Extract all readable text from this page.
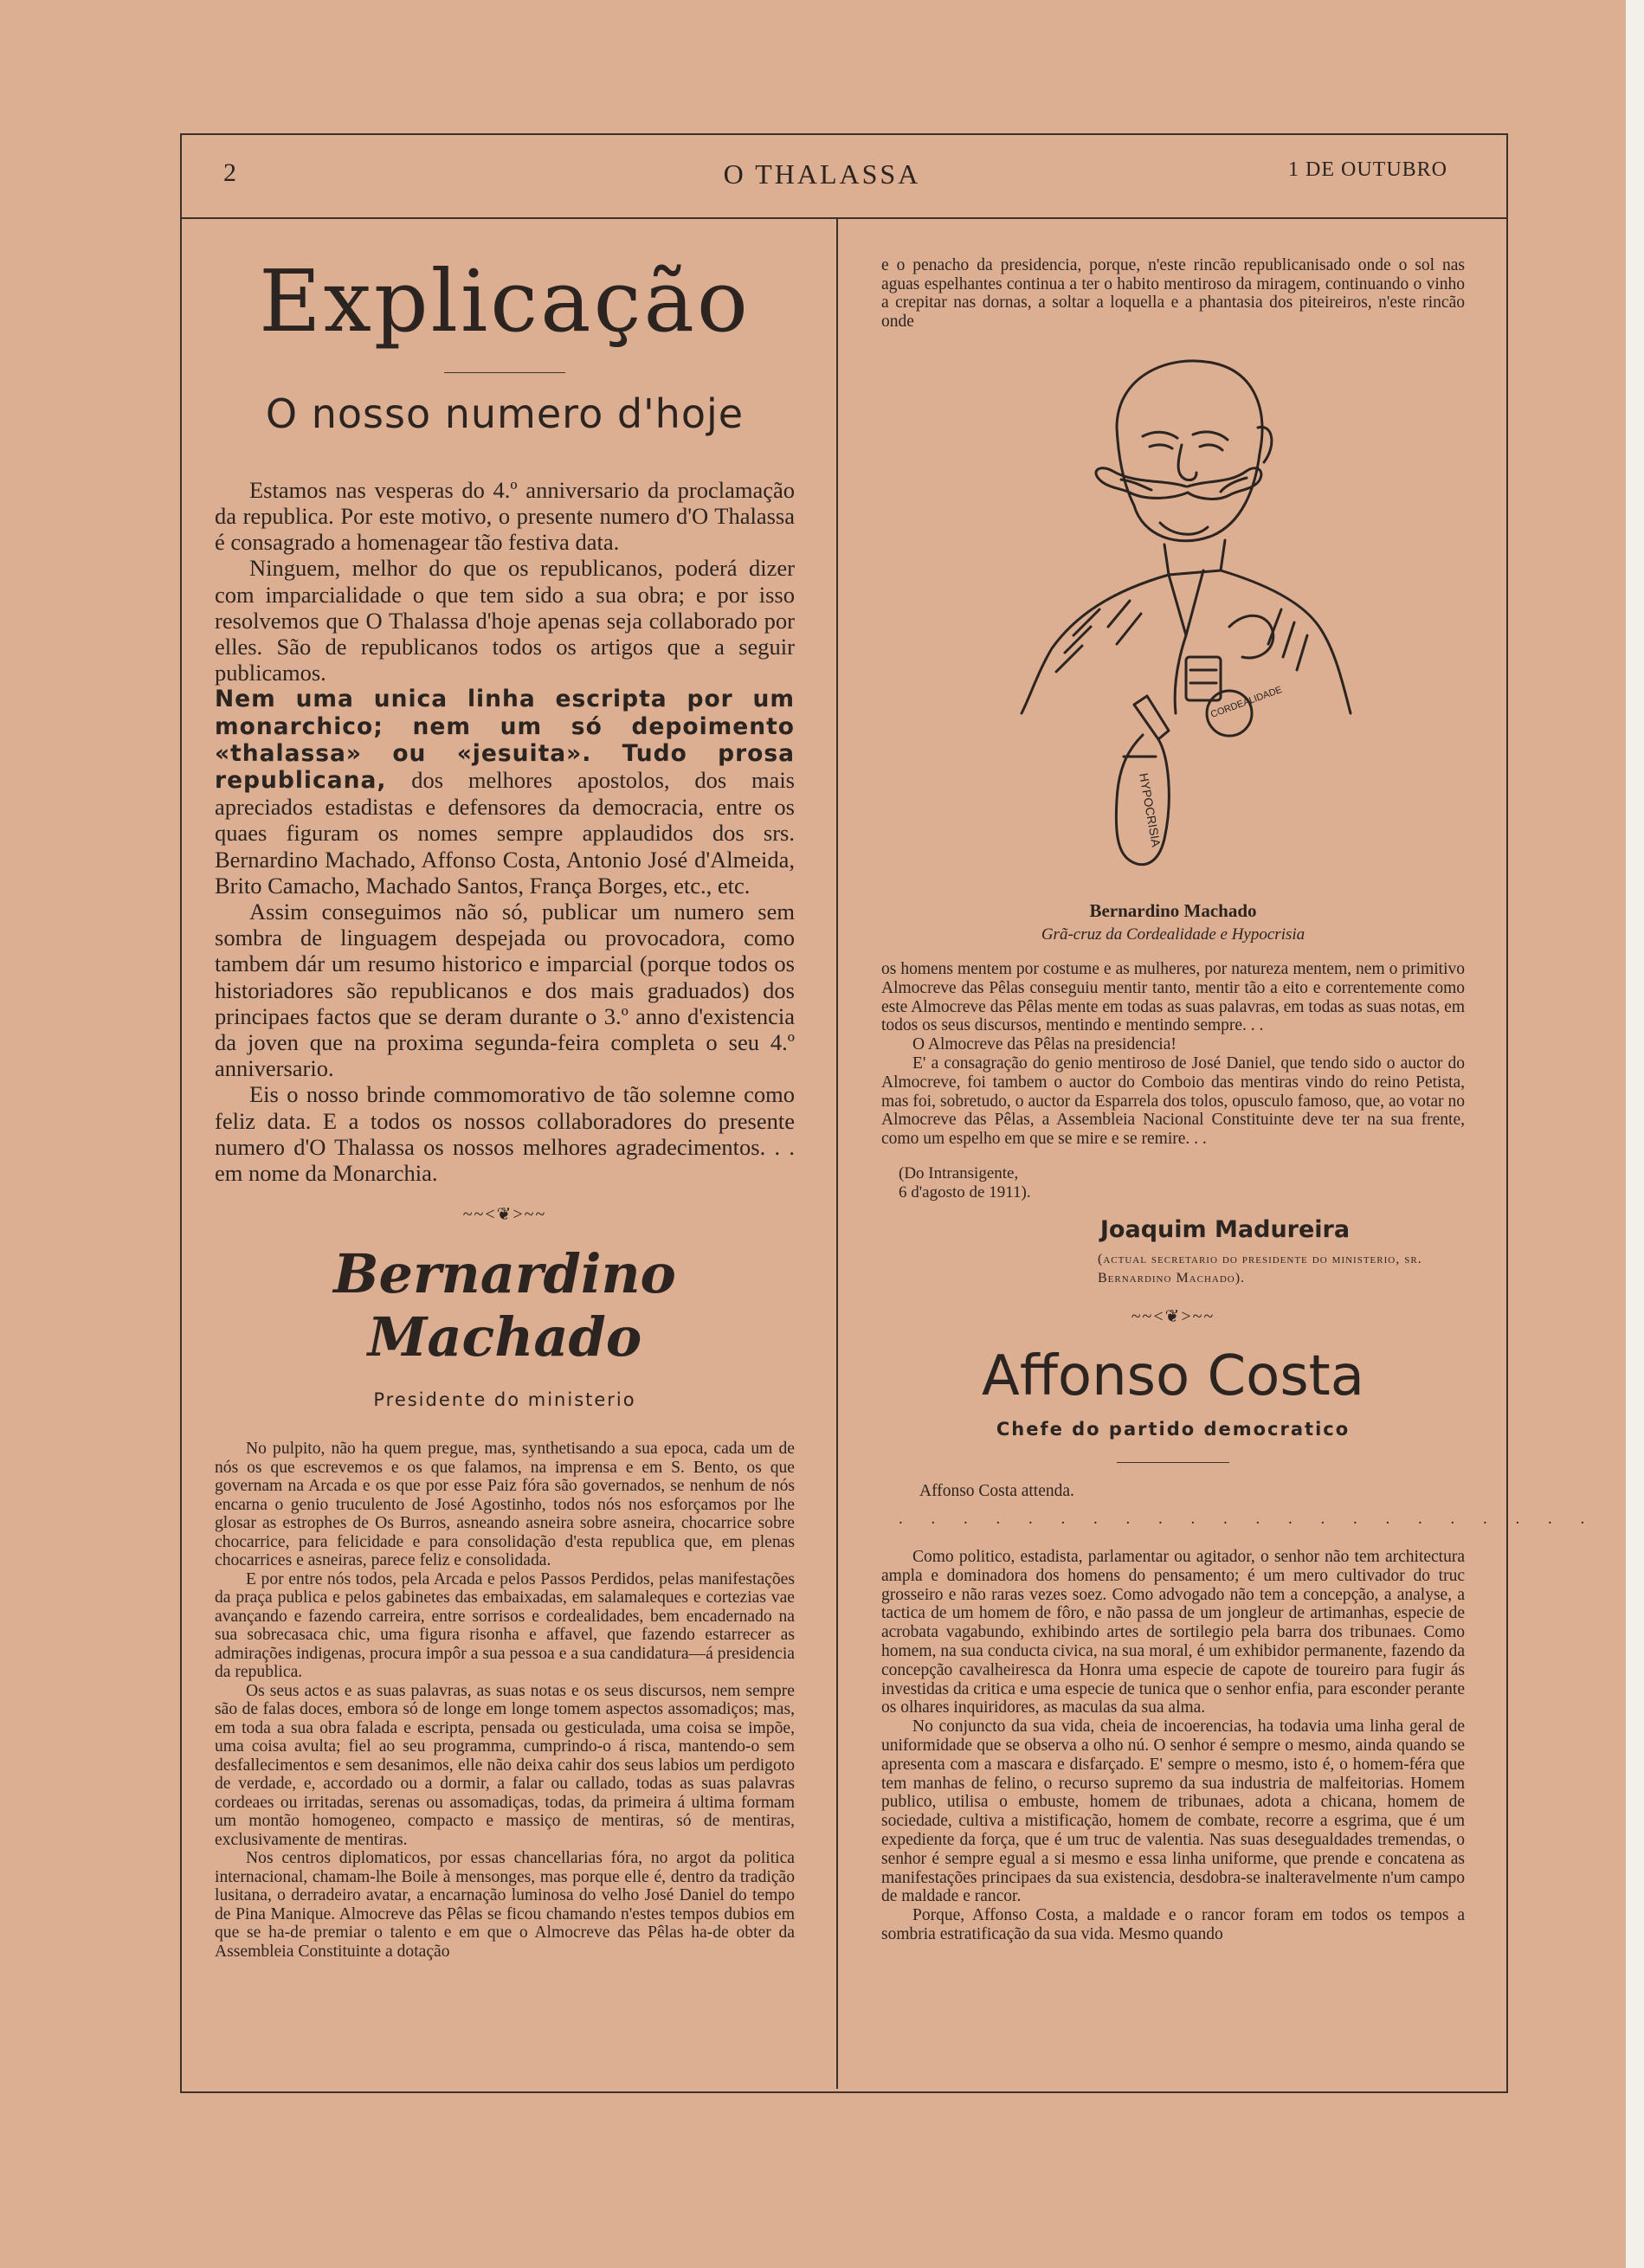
2	O THALASSA	1 DE OUTUBRO
Explicação
O nosso numero d'hoje

Estamos nas vesperas do 4.º anniversario da proclamação da republica. Por este motivo, o presente numero d'O Thalassa é consagrado a homenagear tão festiva data.

Ninguem, melhor do que os republicanos, poderá dizer com imparcialidade o que tem sido a sua obra; e por isso resolvemos que O Thalassa d'hoje apenas seja collaborado por elles. São de republicanos todos os artigos que a seguir publicamos.

Nem uma unica linha escripta por um monarchico; nem um só depoimento «thalassa» ou «jesuita». Tudo prosa republicana, dos melhores apostolos, dos mais apreciados estadistas e defensores da democracia, entre os quaes figuram os nomes sempre applaudidos dos srs. Bernardino Machado, Affonso Costa, Antonio José d'Almeida, Brito Camacho, Machado Santos, França Borges, etc., etc.

Assim conseguimos não só, publicar um numero sem sombra de linguagem despejada ou provocadora, como tambem dár um resumo historico e imparcial (porque todos os historiadores são republicanos e dos mais graduados) dos principaes factos que se deram durante o 3.º anno d'existencia da joven que na proxima segunda-feira completa o seu 4.º anniversario.

Eis o nosso brinde commomorativo de tão solemne como feliz data. E a todos os nossos collaboradores do presente numero d'O Thalassa os nossos melhores agradecimentos. . . em nome da Monarchia.

~~<❦>~~
Bernardino Machado
Presidente do ministerio

No pulpito, não ha quem pregue, mas, synthetisando a sua epoca, cada um de nós os que escrevemos e os que falamos, na imprensa e em S. Bento, os que governam na Arcada e os que por esse Paiz fóra são governados, se nenhum de nós encarna o genio truculento de José Agostinho, todos nós nos esforçamos por lhe glosar as estrophes de Os Burros, asneando asneira sobre asneira, chocarrice sobre chocarrice, para felicidade e para consolidação d'esta republica que, em plenas chocarrices e asneiras, parece feliz e consolidada.

E por entre nós todos, pela Arcada e pelos Passos Perdidos, pelas manifestações da praça publica e pelos gabinetes das embaixadas, em salamaleques e cortezias vae avançando e fazendo carreira, entre sorrisos e cordealidades, bem encadernado na sua sobrecasaca chic, uma figura risonha e affavel, que fazendo estarrecer as admirações indigenas, procura impôr a sua pessoa e a sua candidatura—á presidencia da republica.

Os seus actos e as suas palavras, as suas notas e os seus discursos, nem sempre são de falas doces, embora só de longe em longe tomem aspectos assomadiços; mas, em toda a sua obra falada e escripta, pensada ou gesticulada, uma coisa se impõe, uma coisa avulta; fiel ao seu programma, cumprindo-o á risca, mantendo-o sem desfallecimentos e sem desanimos, elle não deixa cahir dos seus labios um perdigoto de verdade, e, accordado ou a dormir, a falar ou callado, todas as suas palavras cordeaes ou irritadas, serenas ou assomadiças, todas, da primeira á ultima formam um montão homogeneo, compacto e massiço de mentiras, só de mentiras, exclusivamente de mentiras.

Nos centros diplomaticos, por essas chancellarias fóra, no argot da politica internacional, chamam-lhe Boile à mensonges, mas porque elle é, dentro da tradição lusitana, o derradeiro avatar, a encarnação luminosa do velho José Daniel do tempo de Pina Manique. Almocreve das Pêlas se ficou chamando n'estes tempos dubios em que se ha-de premiar o talento e em que o Almocreve das Pêlas ha-de obter da Assembleia Constituinte a dotação

e o penacho da presidencia, porque, n'este rincão republicanisado onde o sol nas aguas espelhantes continua a ter o habito mentiroso da miragem, continuando o vinho a crepitar nas dornas, a soltar a loquella e a phantasia dos piteireiros, n'este rincão onde

CORDEALIDADE
HYPOCRISIA
Bernardino Machado
Grã-cruz da Cordealidade e Hypocrisia

os homens mentem por costume e as mulheres, por natureza mentem, nem o primitivo Almocreve das Pêlas conseguiu mentir tanto, mentir tão a eito e correntemente como este Almocreve das Pêlas mente em todas as suas palavras, em todas as suas notas, em todos os seus discursos, mentindo e mentindo sempre. . .

O Almocreve das Pêlas na presidencia!

E' a consagração do genio mentiroso de José Daniel, que tendo sido o auctor do Almocreve, foi tambem o auctor do Comboio das mentiras vindo do reino Petista, mas foi, sobretudo, o auctor da Esparrela dos tolos, opusculo famoso, que, ao votar no Almocreve das Pêlas, a Assembleia Nacional Constituinte deve ter na sua frente, como um espelho em que se mire e se remire. . .

(Do Intransigente,
6 d'agosto de 1911).
Joaquim Madureira
(actual secretario do presidente do ministerio, sr. Bernardino Machado).
~~<❦>~~
Affonso Costa
Chefe do partido democratico
Affonso Costa attenda.
. . . . . . . . . . . . . . . . . . . . . .

Como politico, estadista, parlamentar ou agitador, o senhor não tem architectura ampla e dominadora dos homens do pensamento; é um mero cultivador do truc grosseiro e não raras vezes soez. Como advogado não tem a concepção, a analyse, a tactica de um homem de fôro, e não passa de um jongleur de artimanhas, especie de acrobata vagabundo, exhibindo artes de sortilegio pela barra dos tribunaes. Como homem, na sua conducta civica, na sua moral, é um exhibidor permanente, fazendo da concepção cavalheiresca da Honra uma especie de capote de toureiro para fugir ás investidas da critica e uma especie de tunica que o senhor enfia, para esconder perante os olhares inquiridores, as maculas da sua alma.

No conjuncto da sua vida, cheia de incoerencias, ha todavia uma linha geral de uniformidade que se observa a olho nú. O senhor é sempre o mesmo, ainda quando se apresenta com a mascara e disfarçado. E' sempre o mesmo, isto é, o homem-féra que tem manhas de felino, o recurso supremo da sua industria de malfeitorias. Homem publico, utilisa o embuste, homem de tribunaes, adota a chicana, homem de sociedade, cultiva a mistificação, homem de combate, recorre a esgrima, que é um expediente da força, que é um truc de valentia. Nas suas desegualdades tremendas, o senhor é sempre egual a si mesmo e essa linha uniforme, que prende e concatena as manifestações principaes da sua existencia, desdobra-se inalteravelmente n'um campo de maldade e rancor.

Porque, Affonso Costa, a maldade e o rancor foram em todos os tempos a sombria estratificação da sua vida. Mesmo quando
